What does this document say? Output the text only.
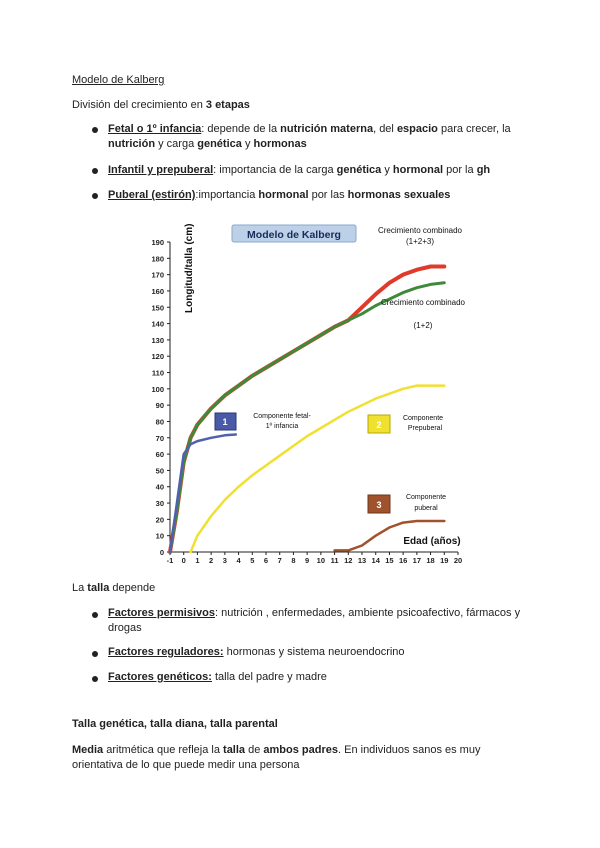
Modelo de Kalberg
División del crecimiento en 3 etapas
Fetal o 1º infancia: depende de la nutrición materna, del espacio para crecer, la
nutrición y carga genética y hormonas
Infantil y prepuberal: importancia de la carga genética y hormonal por la gh
Puberal (estirón):importancia hormonal por las hormonas sexuales
Modelo de Kalberg
Longitud/talla (cm)
Edad (años)
0
10
20
30
40
50
60
70
80
90
100
110
120
130
140
150
160
170
180
190
-1 0 1 2 3 4 5 6 7 8 9 10 11 12 13 14 15 16 17 18 19 20
Crecimiento combinado
(1+2+3)
Crecimiento combinado
(1+2)
1
Componente fetal-
1º infancia	2
Componente
Prepuberal
3
Componente
puberal
La talla depende
Factores permisivos: nutrición , enfermedades, ambiente psicoafectivo, fármacos y
drogas
Factores reguladores: hormonas y sistema neuroendocrino
Factores genéticos: talla del padre y madre
Talla genética, talla diana, talla parental
Media aritmética que refleja la talla de ambos padres. En individuos sanos es muy
orientativa de lo que puede medir una persona
